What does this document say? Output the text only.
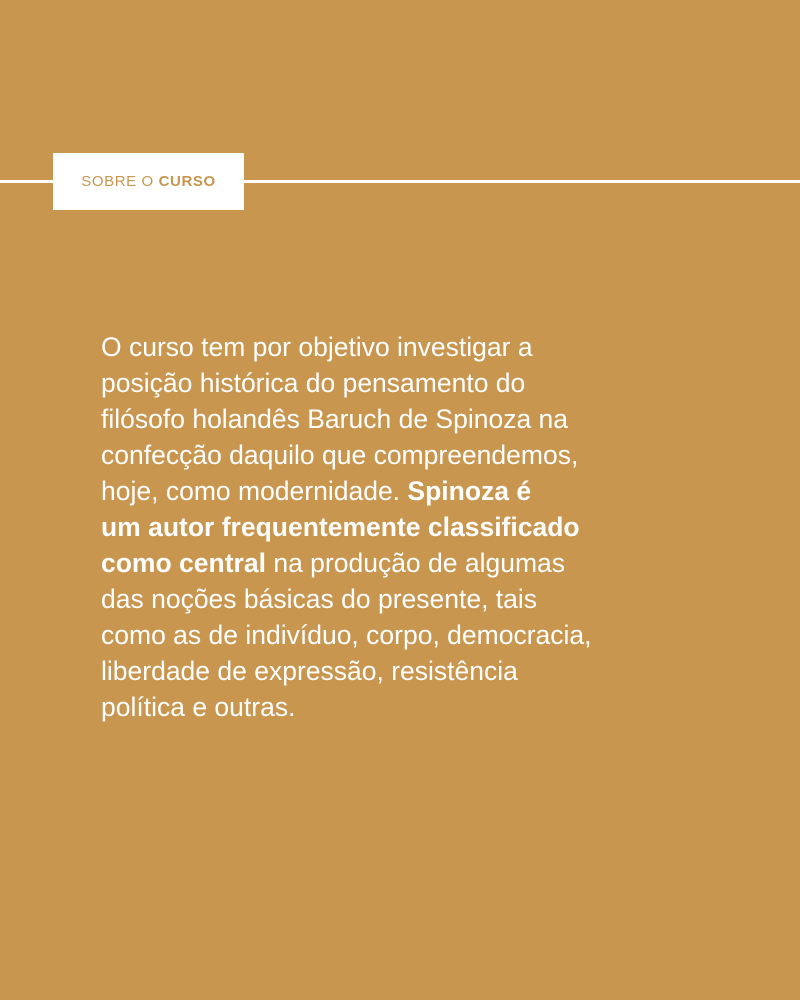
SOBRE O CURSO

O curso tem por objetivo investigar a
posição histórica do pensamento do
filósofo holandês Baruch de Spinoza na
confecção daquilo que compreendemos,
hoje, como modernidade. Spinoza é
um autor frequentemente classificado
como central na produção de algumas
das noções básicas do presente, tais
como as de indivíduo, corpo, democracia,
liberdade de expressão, resistência
política e outras.
